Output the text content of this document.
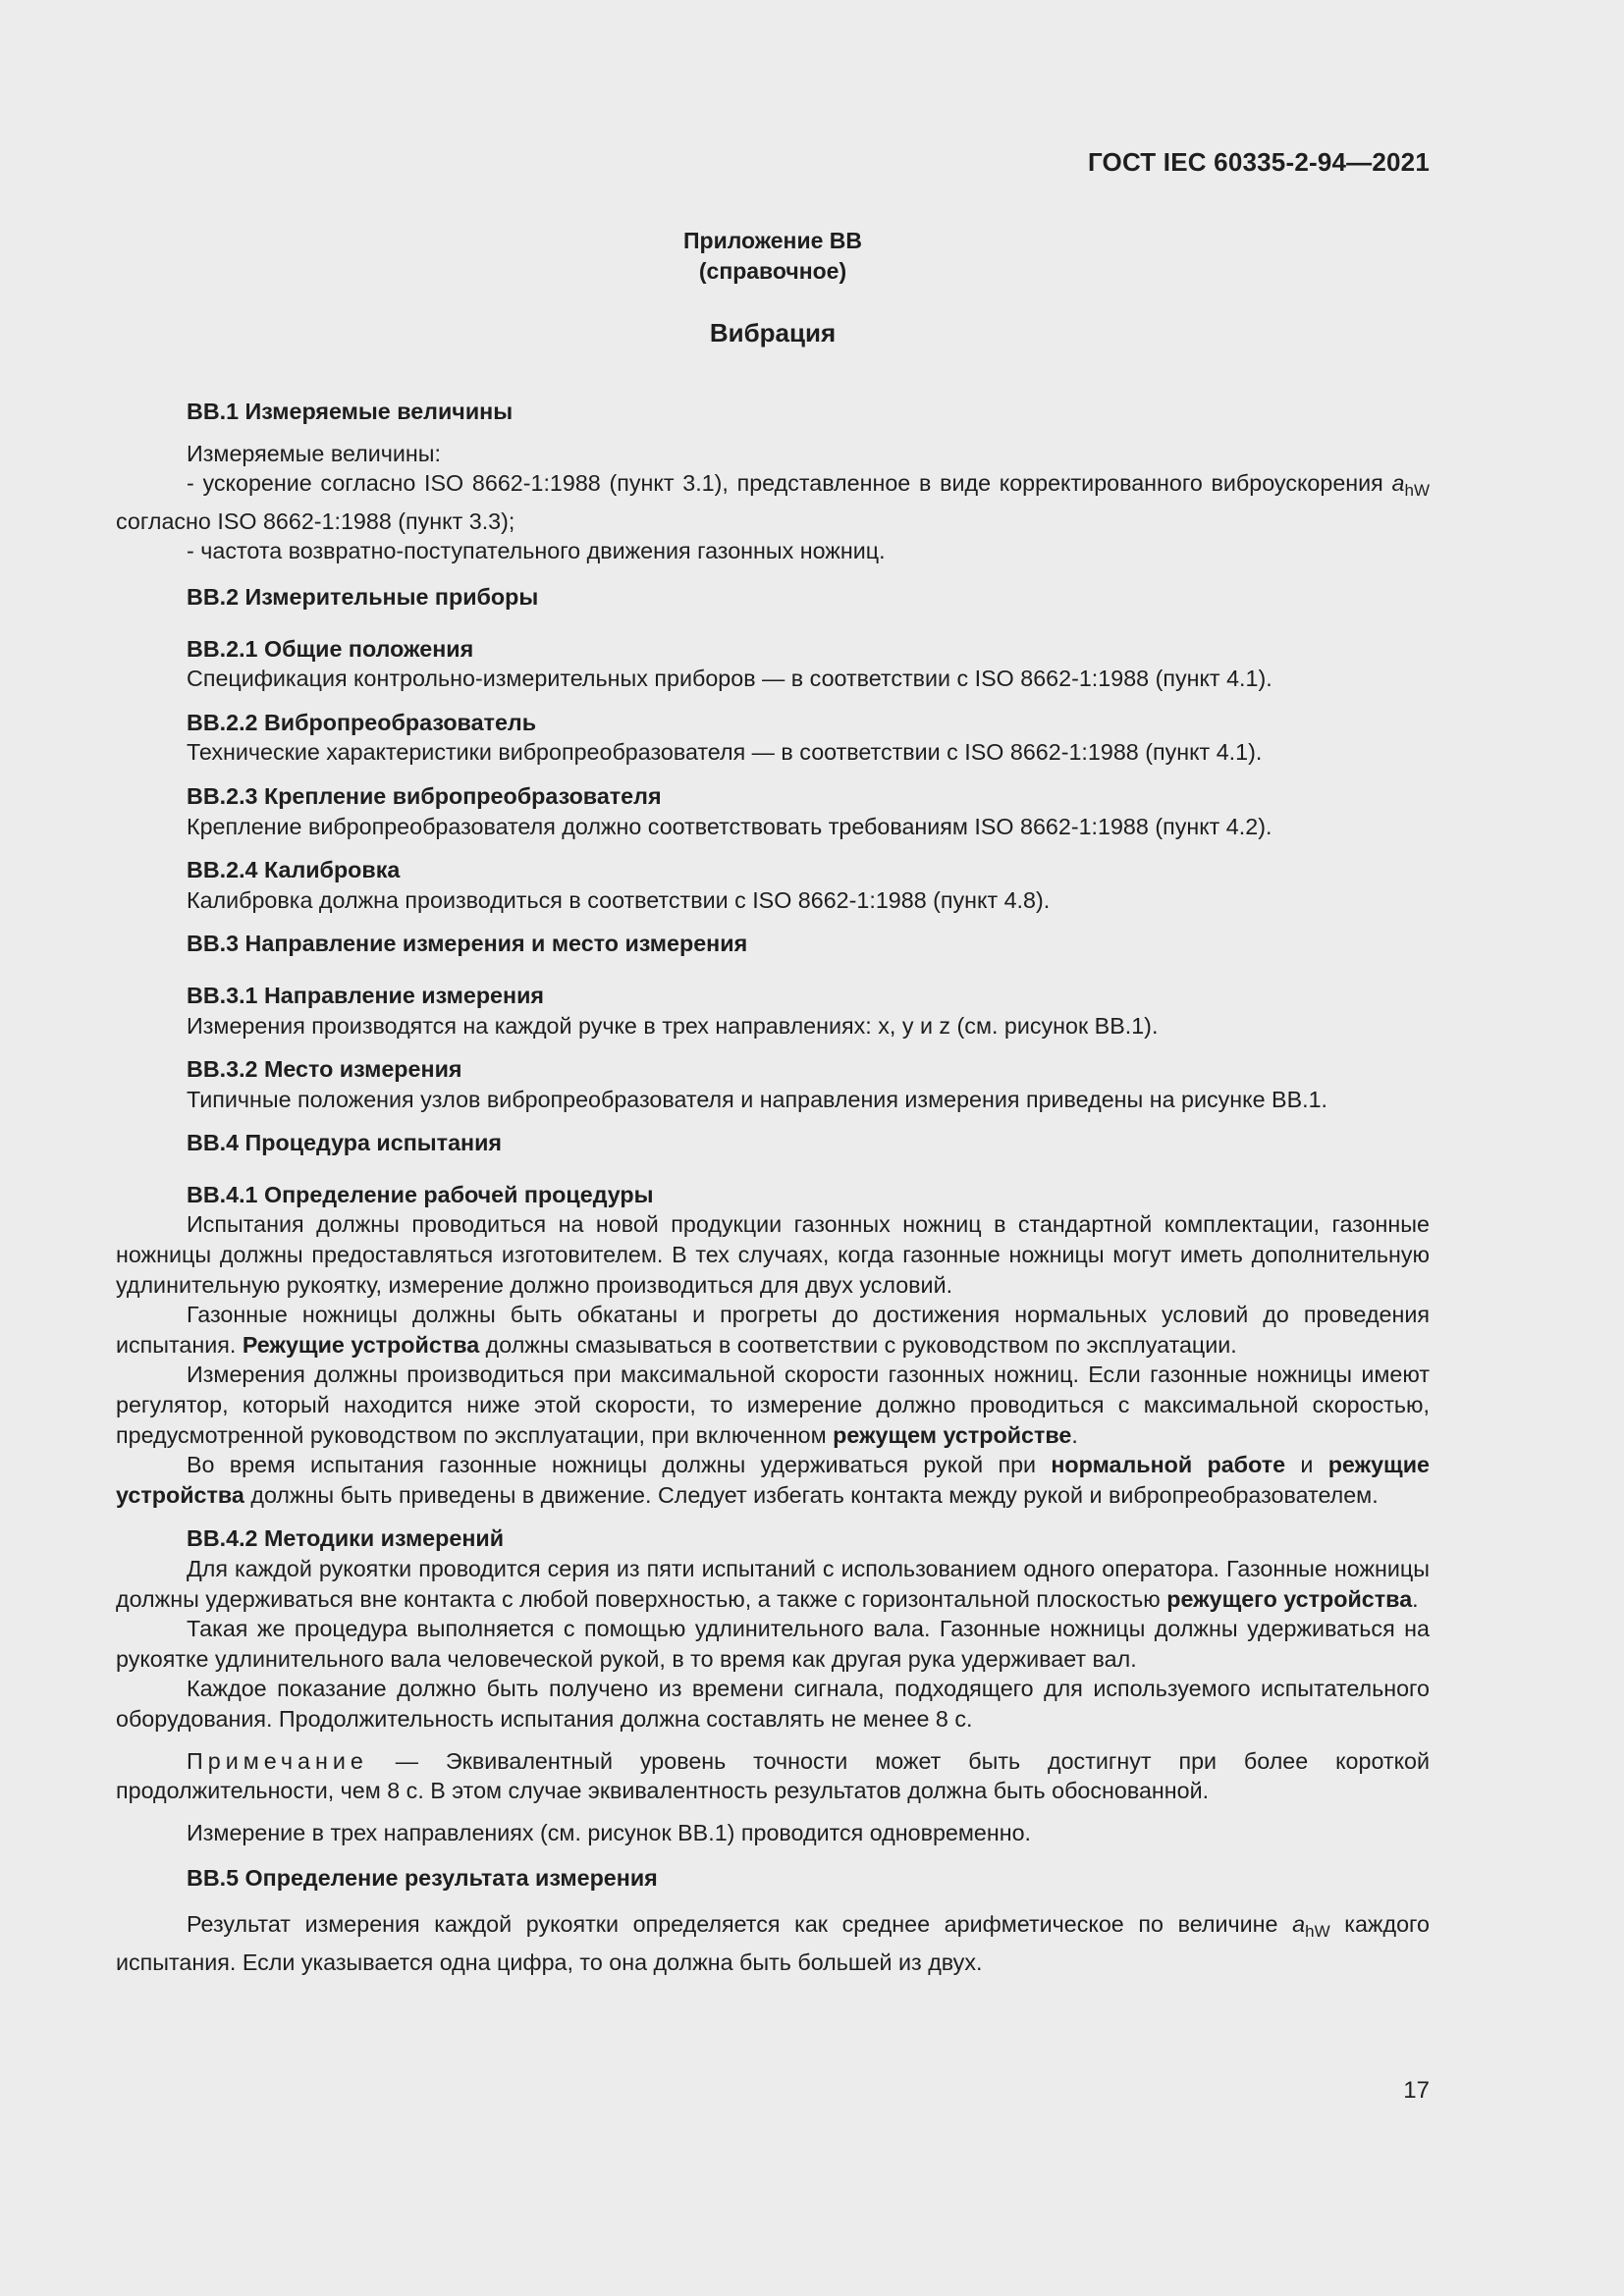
ГОСТ IEC 60335-2-94—2021
Приложение ВВ
(справочное)
Вибрация

ВВ.1 Измеряемые величины

Измеряемые величины:

- ускорение согласно ISO 8662-1:1988 (пункт 3.1), представленное в виде корректированного виброускорения $a_{hW}$ согласно ISO 8662-1:1988 (пункт 3.3);

- частота возвратно-поступательного движения газонных ножниц.

ВВ.2 Измерительные приборы

ВВ.2.1 Общие положения

Спецификация контрольно-измерительных приборов — в соответствии с ISO 8662-1:1988 (пункт 4.1).

ВВ.2.2 Вибропреобразователь

Технические характеристики вибропреобразователя — в соответствии с ISO 8662-1:1988 (пункт 4.1).

ВВ.2.3 Крепление вибропреобразователя

Крепление вибропреобразователя должно соответствовать требованиям ISO 8662-1:1988 (пункт 4.2).

ВВ.2.4 Калибровка

Калибровка должна производиться в соответствии с ISO 8662-1:1988 (пункт 4.8).

ВВ.3 Направление измерения и место измерения

ВВ.3.1 Направление измерения

Измерения производятся на каждой ручке в трех направлениях: x, y и z (см. рисунок ВВ.1).

ВВ.3.2 Место измерения

Типичные положения узлов вибропреобразователя и направления измерения приведены на рисунке ВВ.1.

ВВ.4 Процедура испытания

ВВ.4.1 Определение рабочей процедуры

Испытания должны проводиться на новой продукции газонных ножниц в стандартной комплектации, газонные ножницы должны предоставляться изготовителем. В тех случаях, когда газонные ножницы могут иметь дополнительную удлинительную рукоятку, измерение должно производиться для двух условий.

Газонные ножницы должны быть обкатаны и прогреты до достижения нормальных условий до проведения испытания. Режущие устройства должны смазываться в соответствии с руководством по эксплуатации.

Измерения должны производиться при максимальной скорости газонных ножниц. Если газонные ножницы имеют регулятор, который находится ниже этой скорости, то измерение должно проводиться с максимальной скоростью, предусмотренной руководством по эксплуатации, при включенном режущем устройстве.

Во время испытания газонные ножницы должны удерживаться рукой при нормальной работе и режущие устройства должны быть приведены в движение. Следует избегать контакта между рукой и вибропреобразователем.

ВВ.4.2 Методики измерений

Для каждой рукоятки проводится серия из пяти испытаний с использованием одного оператора. Газонные ножницы должны удерживаться вне контакта с любой поверхностью, а также с горизонтальной плоскостью режущего устройства.

Такая же процедура выполняется с помощью удлинительного вала. Газонные ножницы должны удерживаться на рукоятке удлинительного вала человеческой рукой, в то время как другая рука удерживает вал.

Каждое показание должно быть получено из времени сигнала, подходящего для используемого испытательного оборудования. Продолжительность испытания должна составлять не менее 8 с.

Примечание — Эквивалентный уровень точности может быть достигнут при более короткой продолжительности, чем 8 с. В этом случае эквивалентность результатов должна быть обоснованной.

Измерение в трех направлениях (см. рисунок ВВ.1) проводится одновременно.

ВВ.5 Определение результата измерения

Результат измерения каждой рукоятки определяется как среднее арифметическое по величине $a_{hW}$ каждого испытания. Если указывается одна цифра, то она должна быть большей из двух.

17
